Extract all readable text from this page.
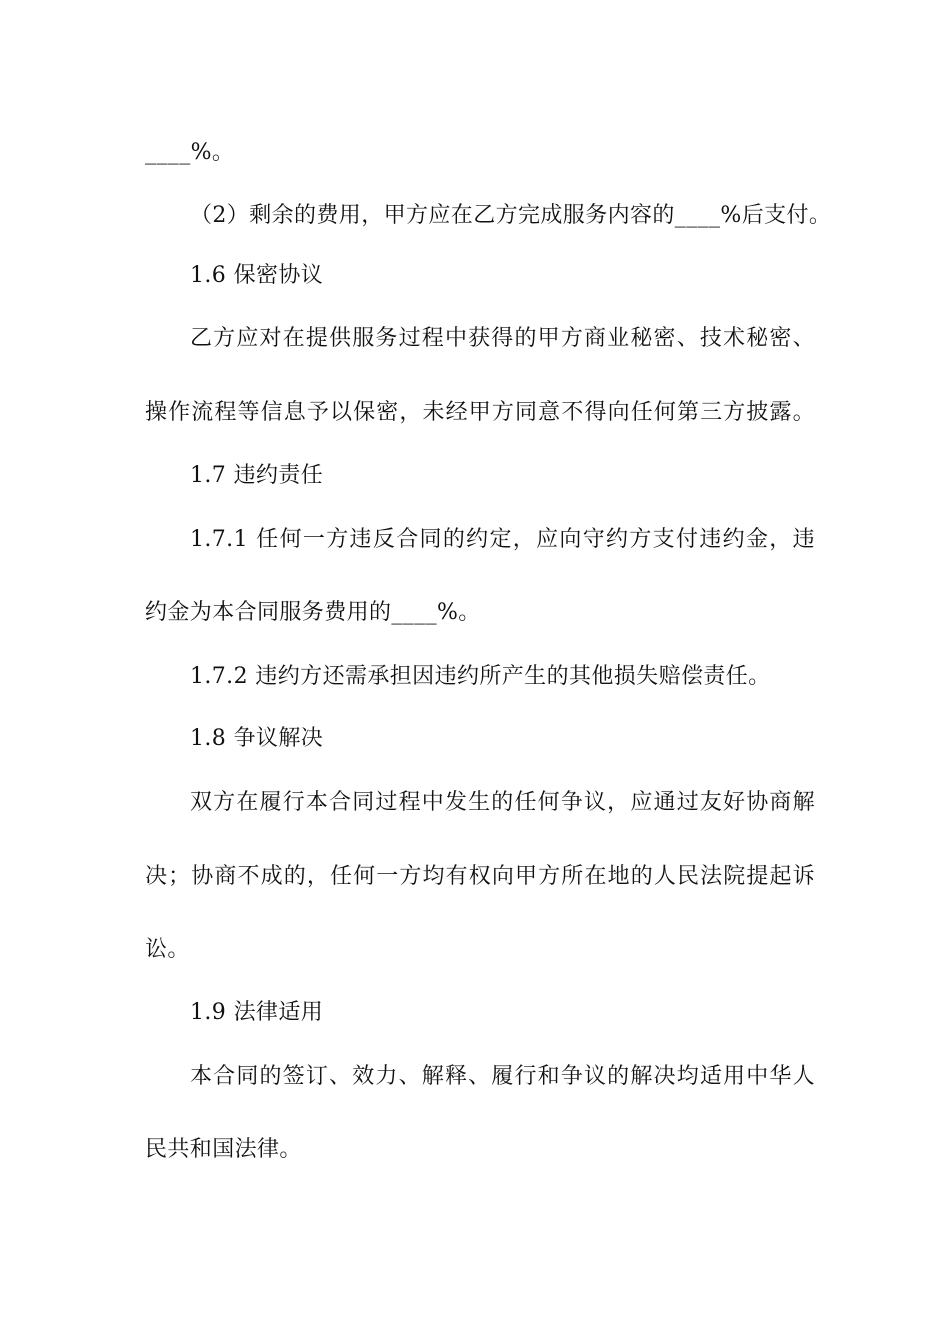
____%。
（2）剩余的费用，甲方应在乙方完成服务内容的____%后支付。
1.6 保密协议
乙方应对在提供服务过程中获得的甲方商业秘密、技术秘密、
操作流程等信息予以保密，未经甲方同意不得向任何第三方披露。
1.7 违约责任
1.7.1 任何一方违反合同的约定，应向守约方支付违约金，违
约金为本合同服务费用的____%。
1.7.2 违约方还需承担因违约所产生的其他损失赔偿责任。
1.8 争议解决
双方在履行本合同过程中发生的任何争议，应通过友好协商解
决；协商不成的，任何一方均有权向甲方所在地的人民法院提起诉
讼。
1.9 法律适用
本合同的签订、效力、解释、履行和争议的解决均适用中华人
民共和国法律。
